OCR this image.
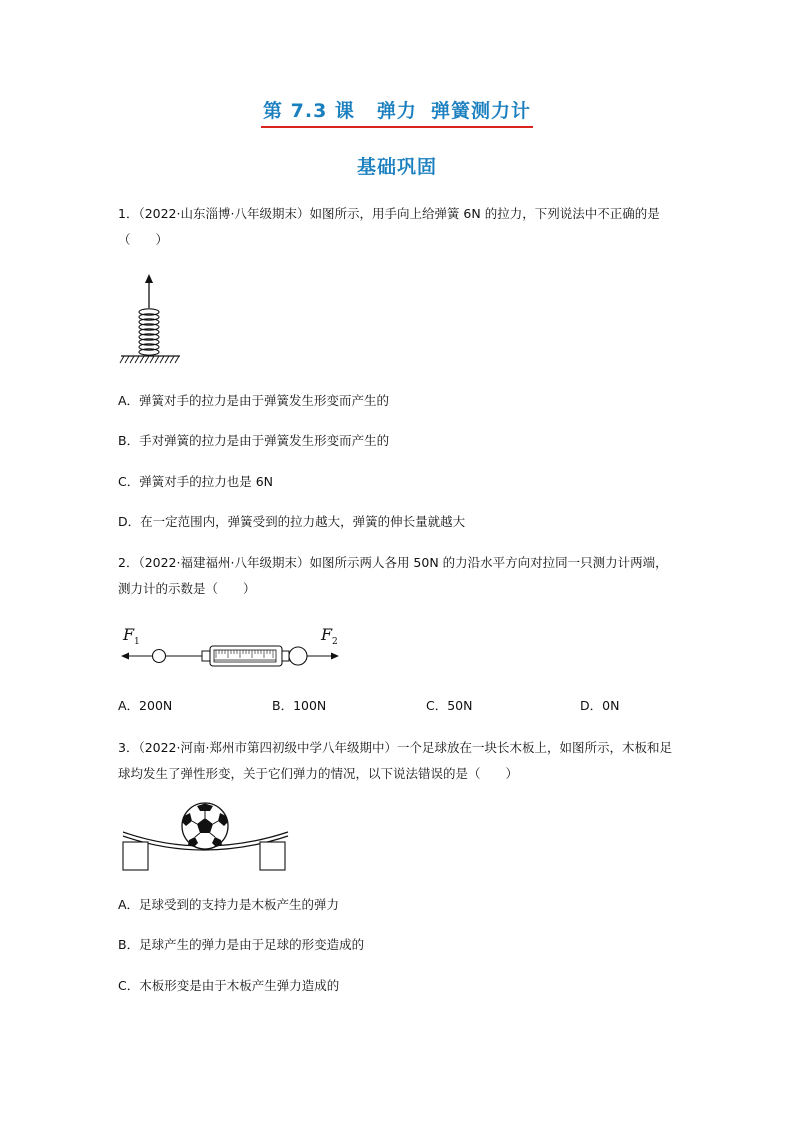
第 7.3 课 弹力 弹簧测力计
基础巩固
1．（2022·山东淄博·八年级期末）如图所示，用手向上给弹簧 6N 的拉力，下列说法中不正确的是（　　）
A．弹簧对手的拉力是由于弹簧发生形变而产生的
B．手对弹簧的拉力是由于弹簧发生形变而产生的
C．弹簧对手的拉力也是 6N
D．在一定范围内，弹簧受到的拉力越大，弹簧的伸长量就越大
2．（2022·福建福州·八年级期末）如图所示两人各用 50N 的力沿水平方向对拉同一只测力计两端，测力计的示数是（　　）
F 1	F 2
A．200N	B．100N	C．50N	D．0N
3．（2022·河南·郑州市第四初级中学八年级期中）一个足球放在一块长木板上，如图所示，木板和足球均发生了弹性形变，关于它们弹力的情况，以下说法错误的是（　　）
A．足球受到的支持力是木板产生的弹力
B．足球产生的弹力是由于足球的形变造成的
C．木板形变是由于木板产生弹力造成的
